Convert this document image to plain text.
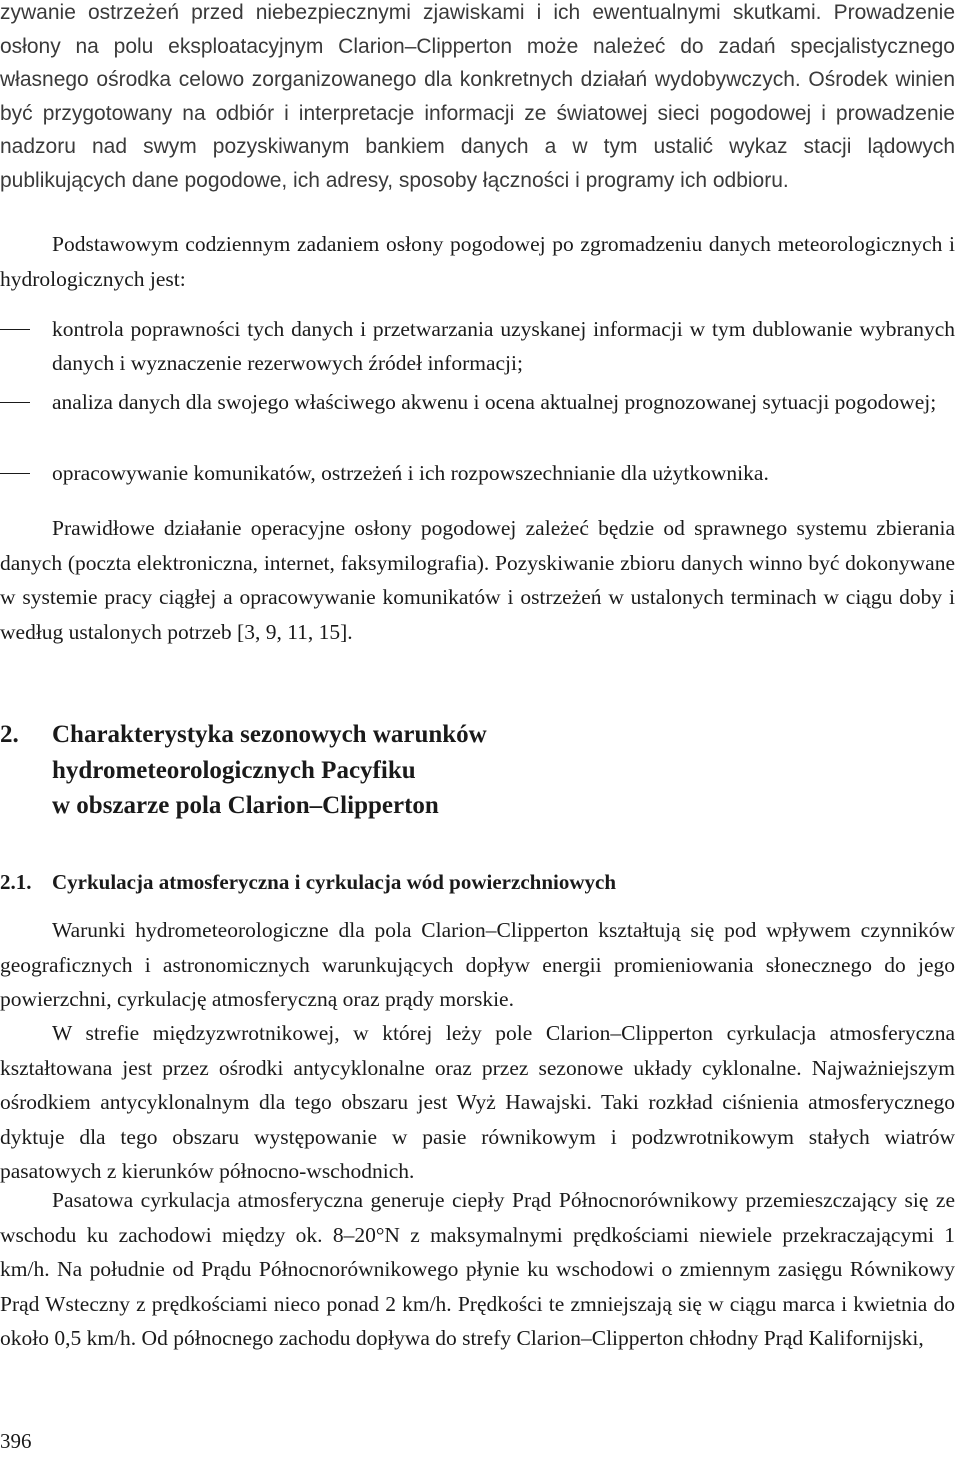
zywanie ostrzeżeń przed niebezpiecznymi zjawiskami i ich ewentualnymi skutkami. Prowadzenie osłony na polu eksploatacyjnym Clarion–Clipperton może należeć do zadań specjalistycznego własnego ośrodka celowo zorganizowanego dla konkretnych działań wydobywczych. Ośrodek winien być przygotowany na odbiór i interpretacje informacji ze światowej sieci pogodowej i prowadzenie nadzoru nad swym pozyskiwanym bankiem danych a w tym ustalić wykaz stacji lądowych publikujących dane pogodowe, ich adresy, sposoby łączności i programy ich odbioru.

Podstawowym codziennym zadaniem osłony pogodowej po zgromadzeniu danych meteorologicznych i hydrologicznych jest:

kontrola poprawności tych danych i przetwarzania uzyskanej informacji w tym dublowanie wybranych danych i wyznaczenie rezerwowych źródeł informacji;

analiza danych dla swojego właściwego akwenu i ocena aktualnej prognozowanej sytuacji pogodowej;

opracowywanie komunikatów, ostrzeżeń i ich rozpowszechnianie dla użytkownika.

Prawidłowe działanie operacyjne osłony pogodowej zależeć będzie od sprawnego systemu zbierania danych (poczta elektroniczna, internet, faksymilografia). Pozyskiwanie zbioru danych winno być dokonywane w systemie pracy ciągłej a opracowywanie komunikatów i ostrzeżeń w ustalonych terminach w ciągu doby i według ustalonych potrzeb [3, 9, 11, 15].

2. Charakterystyka sezonowych warunków
hydrometeorologicznych Pacyfiku
w obszarze pola Clarion–Clipperton
2.1. Cyrkulacja atmosferyczna i cyrkulacja wód powierzchniowych

Warunki hydrometeorologiczne dla pola Clarion–Clipperton kształtują się pod wpływem czynników geograficznych i astronomicznych warunkujących dopływ energii promieniowania słonecznego do jego powierzchni, cyrkulację atmosferyczną oraz prądy morskie.

W strefie międzyzwrotnikowej, w której leży pole Clarion–Clipperton cyrkulacja atmosferyczna kształtowana jest przez ośrodki antycyklonalne oraz przez sezonowe układy cyklonalne. Najważniejszym ośrodkiem antycyklonalnym dla tego obszaru jest Wyż Hawajski. Taki rozkład ciśnienia atmosferycznego dyktuje dla tego obszaru występowanie w pasie równikowym i podzwrotnikowym stałych wiatrów pasatowych z kierunków północno-wschodnich.

Pasatowa cyrkulacja atmosferyczna generuje ciepły Prąd Północnorównikowy przemieszczający się ze wschodu ku zachodowi między ok. 8–20°N z maksymalnymi prędkościami niewiele przekraczającymi 1 km/h. Na południe od Prądu Północnorównikowego płynie ku wschodowi o zmiennym zasięgu Równikowy Prąd Wsteczny z prędkościami nieco ponad 2 km/h. Prędkości te zmniejszają się w ciągu marca i kwietnia do około 0,5 km/h. Od północnego zachodu dopływa do strefy Clarion–Clipperton chłodny Prąd Kalifornijski,

396
